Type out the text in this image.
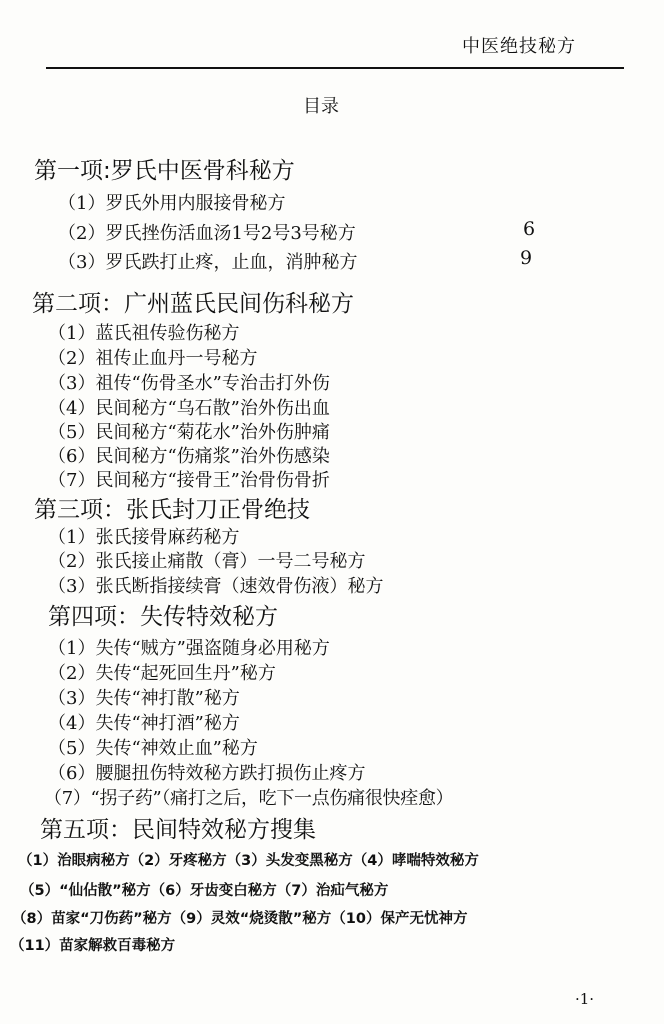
中医绝技秘方
目录
第一项:罗氏中医骨科秘方
（1）罗氏外用内服接骨秘方
（2）罗氏挫伤活血汤1号2号3号秘方	6
（3）罗氏跌打止疼，止血，消肿秘方	9
第二项：广州蓝氏民间伤科秘方
（1）蓝氏祖传验伤秘方
（2）祖传止血丹一号秘方
（3）祖传“伤骨圣水”专治击打外伤
（4）民间秘方“乌石散”治外伤出血
（5）民间秘方“菊花水”治外伤肿痛
（6）民间秘方“伤痛浆”治外伤感染
（7）民间秘方“接骨王”治骨伤骨折
第三项：张氏封刀正骨绝技
（1）张氏接骨麻药秘方
（2）张氏接止痛散（膏）一号二号秘方
（3）张氏断指接续膏（速效骨伤液）秘方
第四项：失传特效秘方
（1）失传“贼方”强盗随身必用秘方
（2）失传“起死回生丹”秘方
（3）失传“神打散”秘方
（4）失传“神打酒”秘方
（5）失传“神效止血”秘方
（6）腰腿扭伤特效秘方跌打损伤止疼方
（7）“拐子药”（痛打之后，吃下一点伤痛很快痊愈）
第五项：民间特效秘方搜集
（1）治眼病秘方（2）牙疼秘方（3）头发变黑秘方（4）哮喘特效秘方
（5）“仙佔散”秘方（6）牙齿变白秘方（7）治疝气秘方
（8）苗家“刀伤药”秘方（9）灵效“烧烫散”秘方（10）保产无忧神方
（11）苗家解救百毒秘方
·1·
